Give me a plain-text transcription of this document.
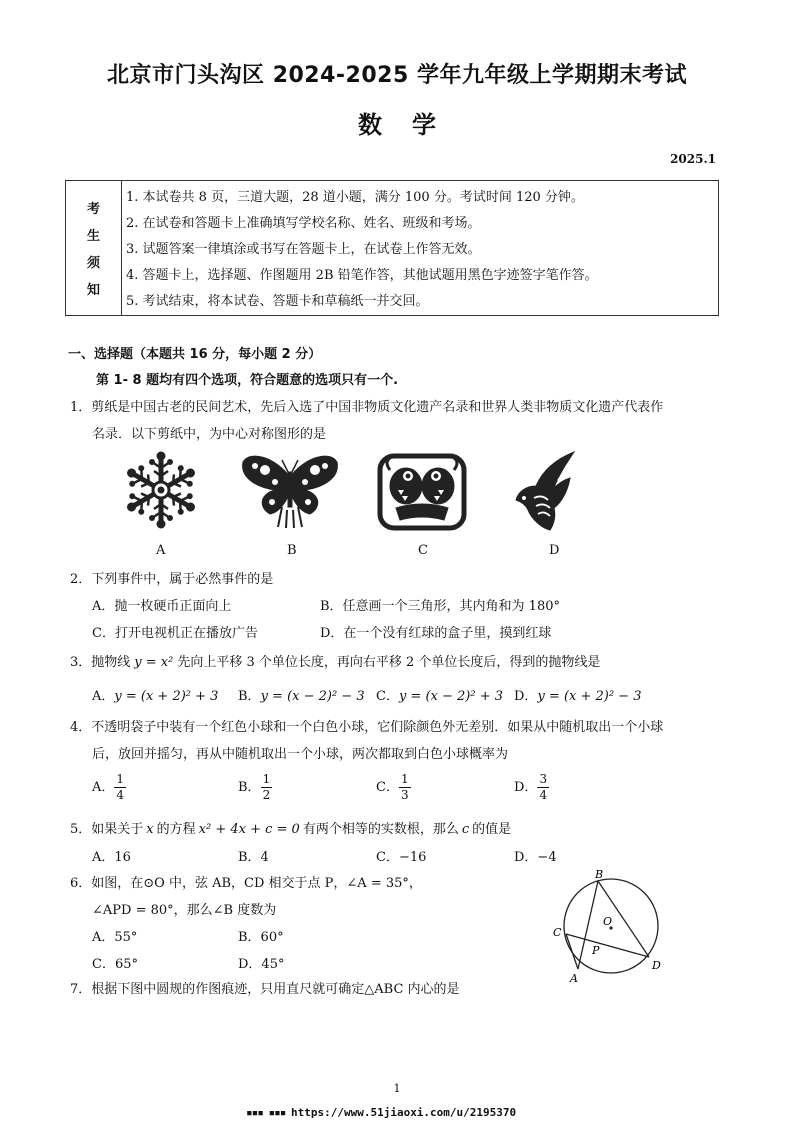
北京市门头沟区 2024-2025 学年九年级上学期期末考试
数学
2025.1
考
生
须
知
1. 本试卷共 8 页，三道大题，28 道小题，满分 100 分。考试时间 120 分钟。
2. 在试卷和答题卡上准确填写学校名称、姓名、班级和考场。
3. 试题答案一律填涂或书写在答题卡上，在试卷上作答无效。
4. 答题卡上，选择题、作图题用 2B 铅笔作答，其他试题用黑色字迹签字笔作答。
5. 考试结束，将本试卷、答题卡和草稿纸一并交回。
一、选择题（本题共 16 分，每小题 2 分）
第 1- 8 题均有四个选项，符合题意的选项只有一个.
1．剪纸是中国古老的民间艺术，先后入选了中国非物质文化遗产名录和世界人类非物质文化遗产代表作
名录．以下剪纸中，为中心对称图形的是
A	B	C	D
2．下列事件中，属于必然事件的是
A．抛一枚硬币正面向上	B．任意画一个三角形，其内角和为 180°
C．打开电视机正在播放广告	D．在一个没有红球的盒子里，摸到红球
3．抛物线 y = x² 先向上平移 3 个单位长度，再向右平移 2 个单位长度后，得到的抛物线是
A．y = (x + 2)² + 3 B．y = (x − 2)² − 3 C．y = (x − 2)² + 3 D．y = (x + 2)² − 3
4．不透明袋子中装有一个红色小球和一个白色小球，它们除颜色外无差别．如果从中随机取出一个小球
后，放回并摇匀，再从中随机取出一个小球，两次都取到白色小球概率为
A． $\frac{1}{4}$	B． $\frac{1}{2}$	C． $\frac{1}{3}$	D． $\frac{3}{4}$
5．如果关于 x 的方程 x² + 4x + c = 0 有两个相等的实数根，那么 c 的值是
A．16	B．4	C．−16	D．−4
6．如图，在⊙O 中，弦 AB，CD 相交于点 P，∠A = 35°，
∠APD = 80°，那么∠B 度数为
A．55°	B．60°
C．65°	D．45°
B
O
C
P
A
D
7．根据下图中圆规的作图痕迹，只用直尺就可确定△ABC 内心的是
1
▪▪▪ ▪▪▪ https://www.51jiaoxi.com/u/2195370
